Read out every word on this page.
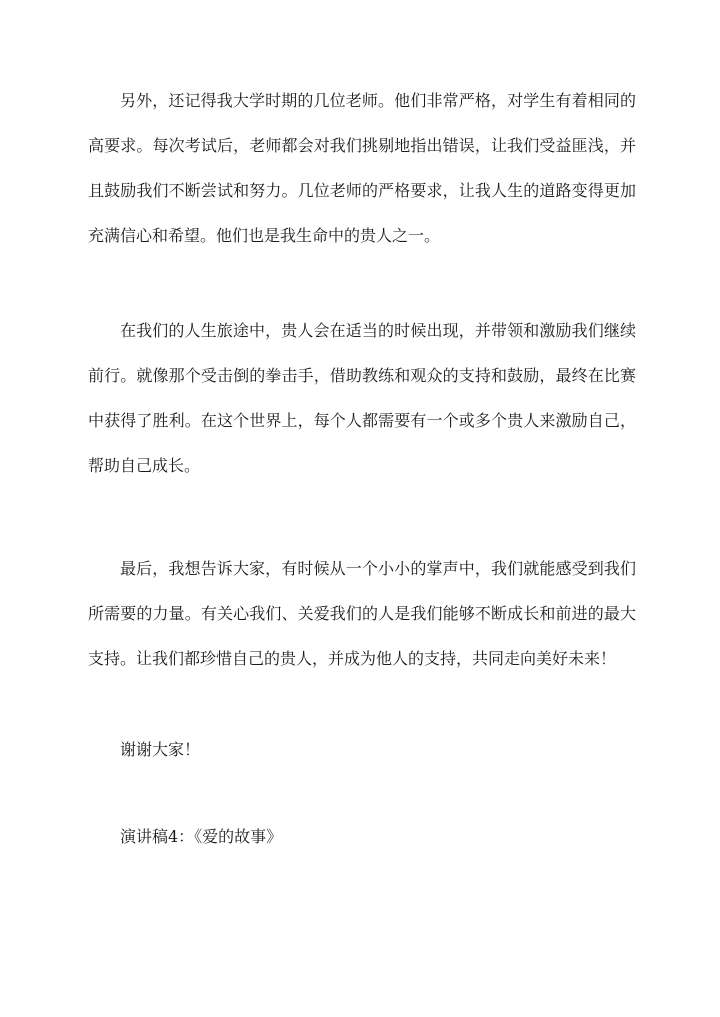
另外，还记得我大学时期的几位老师。他们非常严格，对学生有着相同的高要求。每次考试后，老师都会对我们挑剔地指出错误，让我们受益匪浅，并且鼓励我们不断尝试和努力。几位老师的严格要求，让我人生的道路变得更加充满信心和希望。他们也是我生命中的贵人之一。

在我们的人生旅途中，贵人会在适当的时候出现，并带领和激励我们继续前行。就像那个受击倒的拳击手，借助教练和观众的支持和鼓励，最终在比赛中获得了胜利。在这个世界上，每个人都需要有一个或多个贵人来激励自己，帮助自己成长。

最后，我想告诉大家，有时候从一个小小的掌声中，我们就能感受到我们所需要的力量。有关心我们、关爱我们的人是我们能够不断成长和前进的最大支持。让我们都珍惜自己的贵人，并成为他人的支持，共同走向美好未来！

谢谢大家！

演讲稿4：《爱的故事》
